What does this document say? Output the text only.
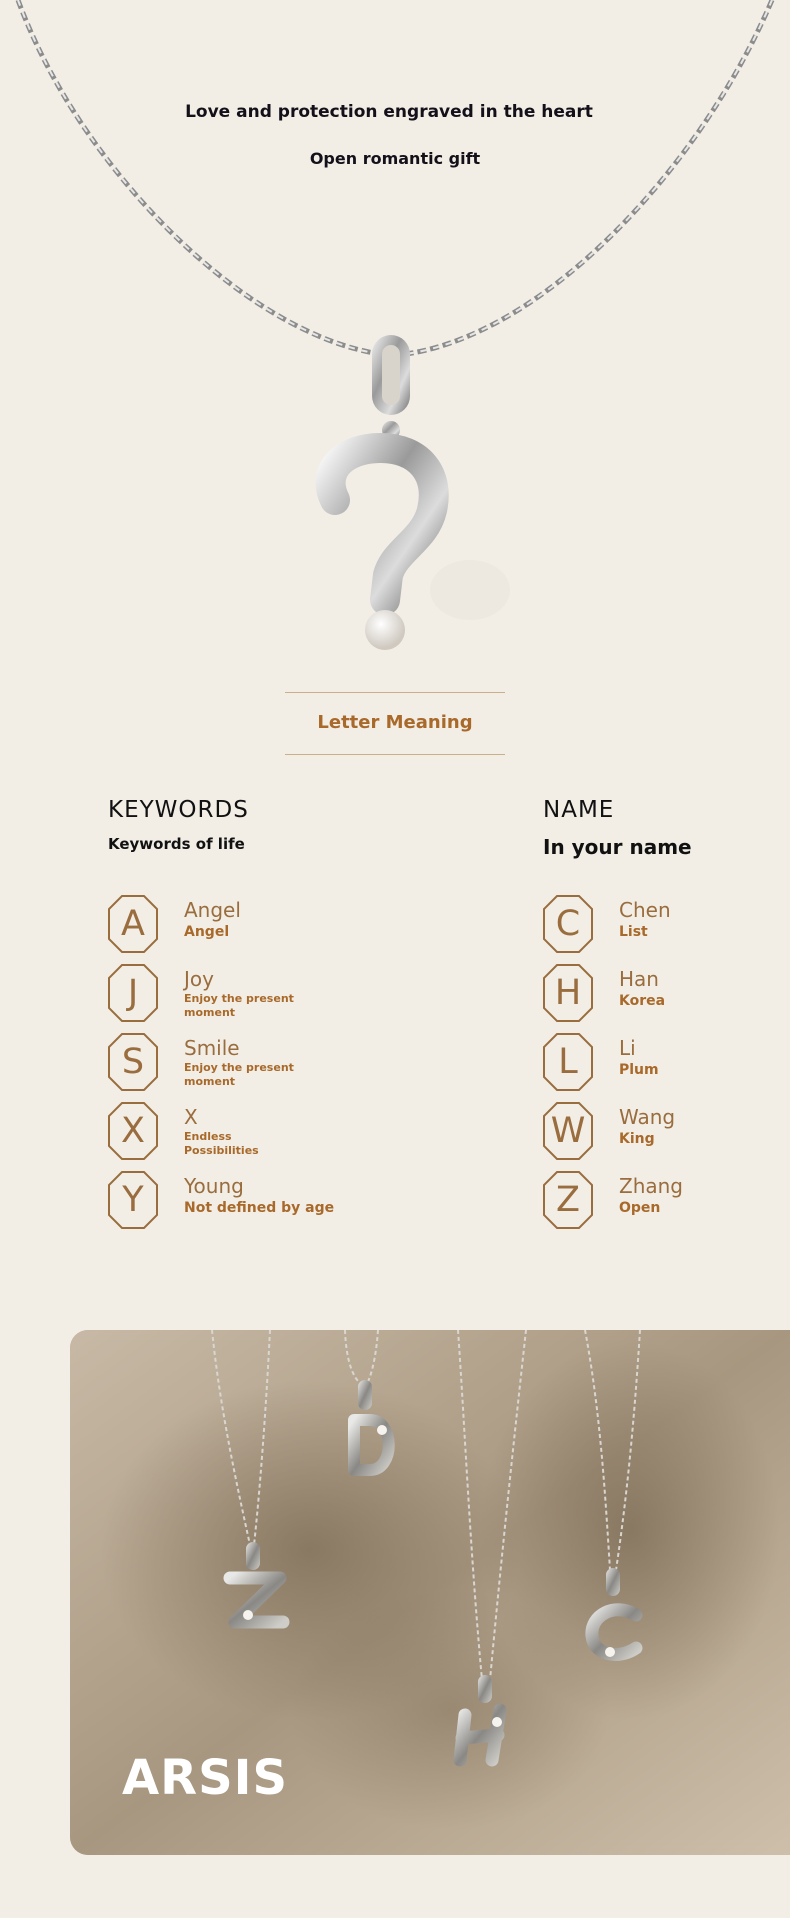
Love and protection engraved in the heart
Open romantic gift
Letter Meaning
KEYWORDS
Keywords of life
NAME
In your name
A	Angel
Angel
J	Joy
Enjoy the present moment
S	Smile
Enjoy the present moment
X	X
Endless Possibilities
Y	Young
Not defined by age
C	Chen
List
H	Han
Korea
L	Li
Plum
W	Wang
King
Z	Zhang
Open
ARSIS
